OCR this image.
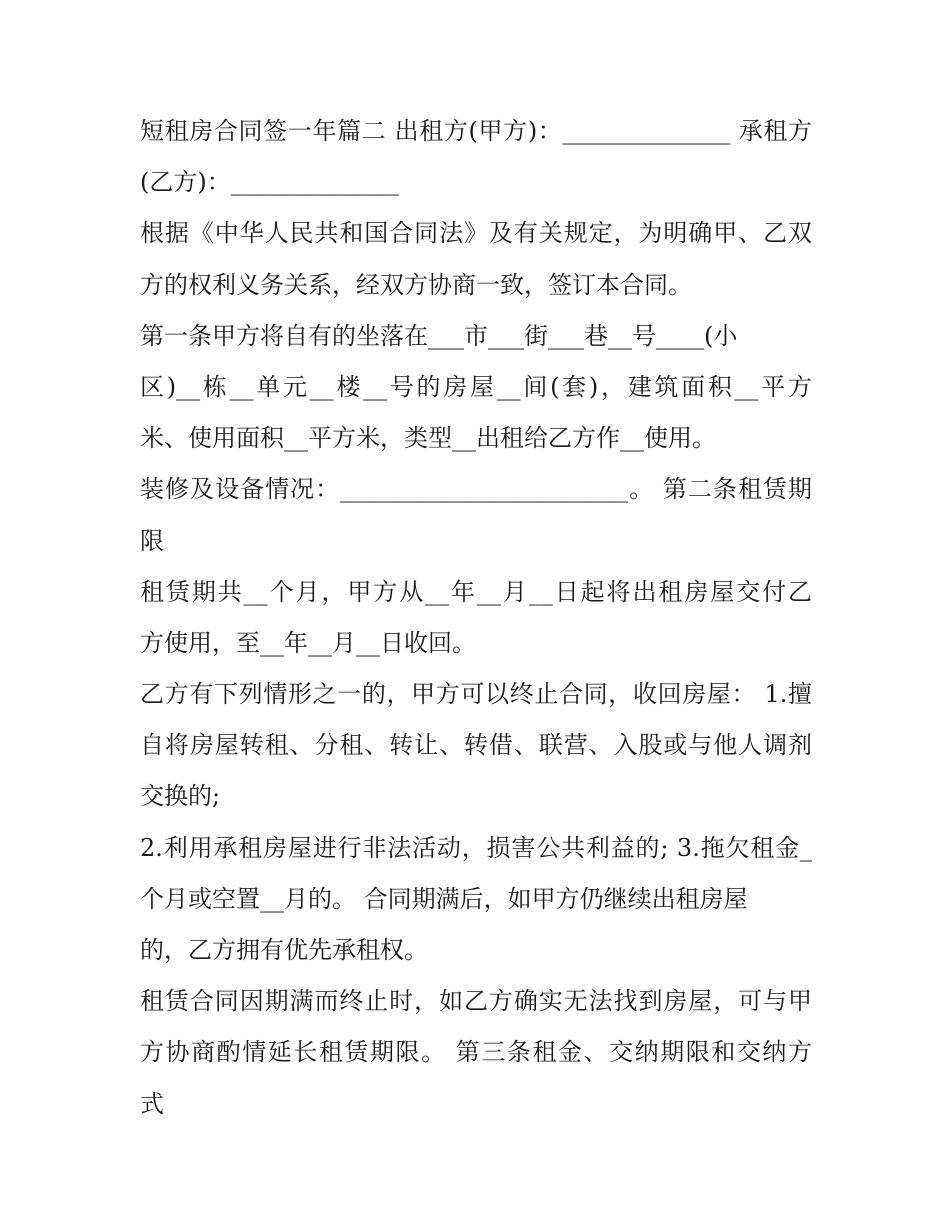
短租房合同签一年篇二 出租方(甲方)：______________ 承租方
(乙方)：______________
根据《中华人民共和国合同法》及有关规定，为明确甲、乙双
方的权利义务关系，经双方协商一致，签订本合同。
第一条甲方将自有的坐落在___市___街___巷__号____(小
区)__栋__单元__楼__号的房屋__间(套)，建筑面积__平方
米、使用面积__平方米，类型__出租给乙方作__使用。
装修及设备情况：________________________。 第二条租赁期
限
租赁期共__个月，甲方从__年__月__日起将出租房屋交付乙
方使用，至__年__月__日收回。
乙方有下列情形之一的，甲方可以终止合同，收回房屋： 1.擅
自将房屋转租、分租、转让、转借、联营、入股或与他人调剂
交换的;
2.利用承租房屋进行非法活动，损害公共利益的; 3.拖欠租金_
个月或空置__月的。 合同期满后，如甲方仍继续出租房屋
的，乙方拥有优先承租权。
租赁合同因期满而终止时，如乙方确实无法找到房屋，可与甲
方协商酌情延长租赁期限。 第三条租金、交纳期限和交纳方
式
